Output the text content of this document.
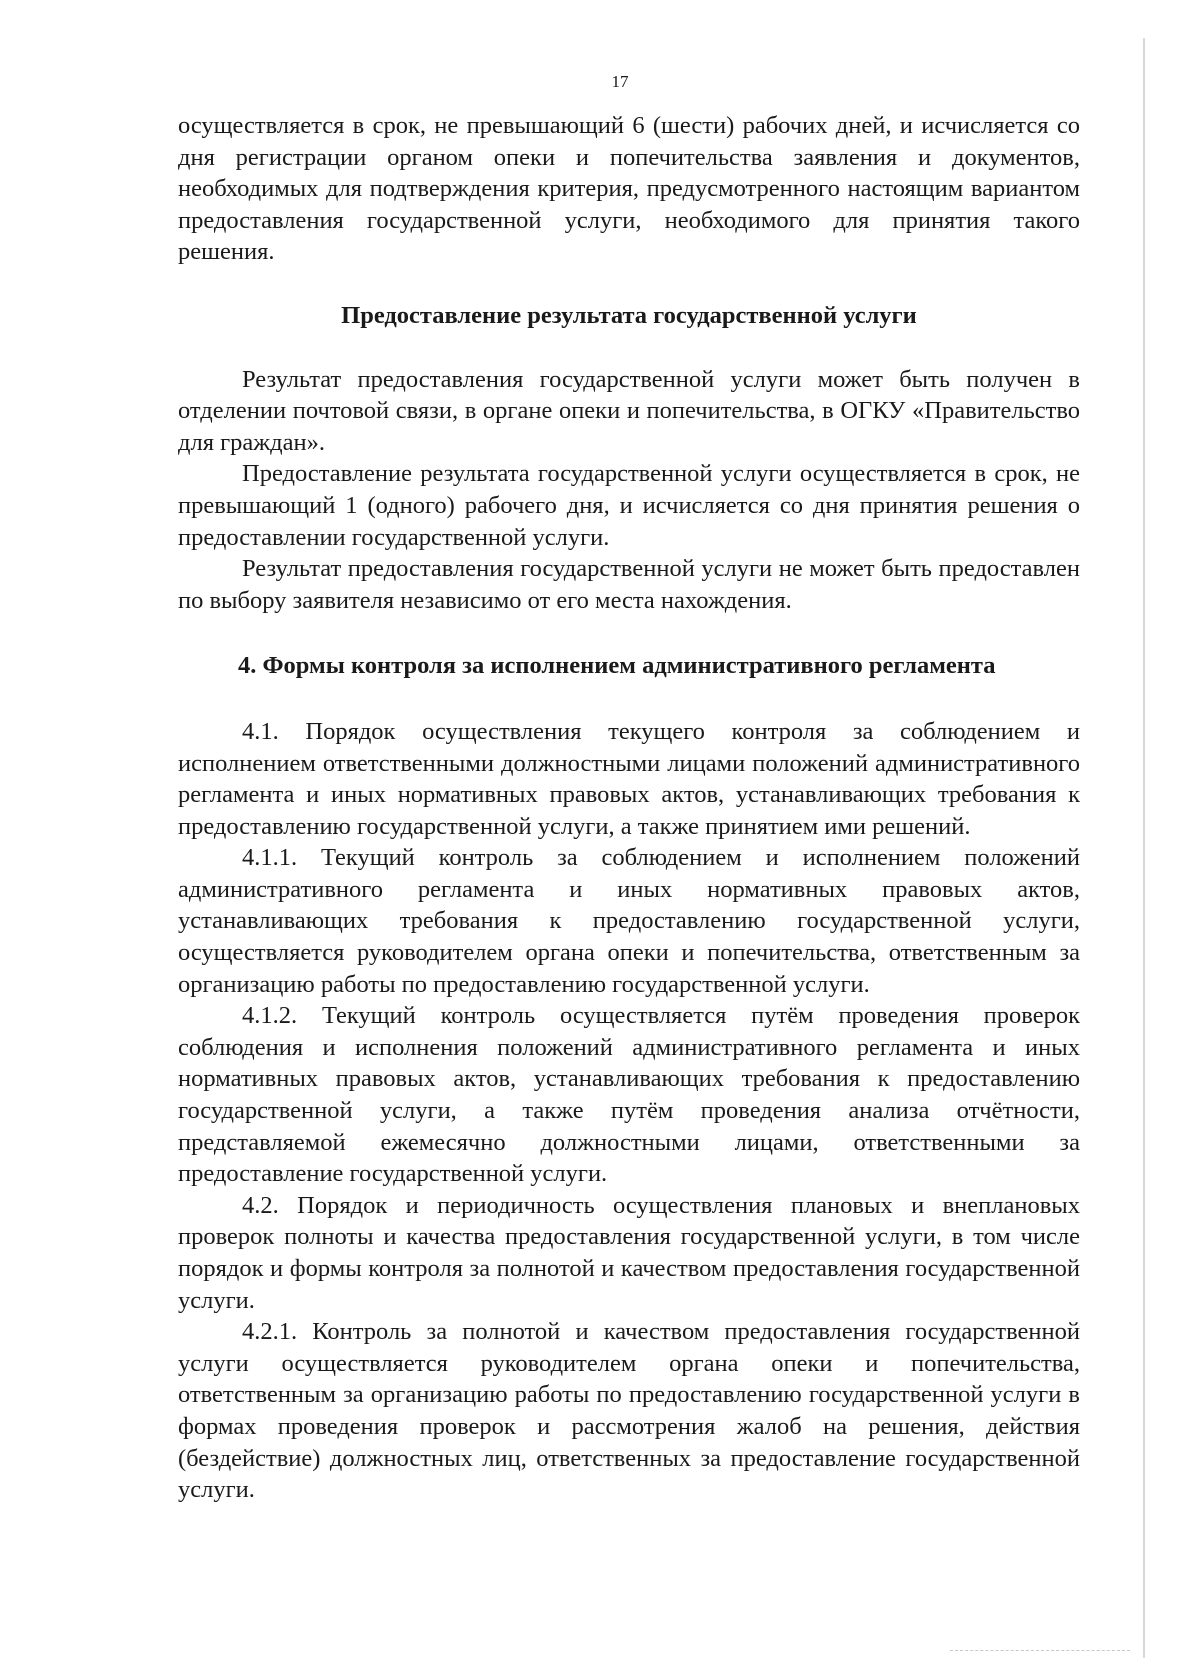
17

осуществляется в срок, не превышающий 6 (шести) рабочих дней, и исчисляется со дня регистрации органом опеки и попечительства заявления и документов, необходимых для подтверждения критерия, предусмотренного настоящим вариантом предоставления государственной услуги, необходимого для принятия такого решения.

Предоставление результата государственной услуги

Результат предоставления государственной услуги может быть получен в отделении почтовой связи, в органе опеки и попечительства, в ОГКУ «Правительство для граждан».

Предоставление результата государственной услуги осуществляется в срок, не превышающий 1 (одного) рабочего дня, и исчисляется со дня принятия решения о предоставлении государственной услуги.

Результат предоставления государственной услуги не может быть предоставлен по выбору заявителя независимо от его места нахождения.

4. Формы контроля за исполнением административного регламента

4.1. Порядок осуществления текущего контроля за соблюдением и исполнением ответственными должностными лицами положений административного регламента и иных нормативных правовых актов, устанавливающих требования к предоставлению государственной услуги, а также принятием ими решений.

4.1.1. Текущий контроль за соблюдением и исполнением положений административного регламента и иных нормативных правовых актов, устанавливающих требования к предоставлению государственной услуги, осуществляется руководителем органа опеки и попечительства, ответственным за организацию работы по предоставлению государственной услуги.

4.1.2. Текущий контроль осуществляется путём проведения проверок соблюдения и исполнения положений административного регламента и иных нормативных правовых актов, устанавливающих требования к предоставлению государственной услуги, а также путём проведения анализа отчётности, представляемой ежемесячно должностными лицами, ответственными за предоставление государственной услуги.

4.2. Порядок и периодичность осуществления плановых и внеплановых проверок полноты и качества предоставления государственной услуги, в том числе порядок и формы контроля за полнотой и качеством предоставления государственной услуги.

4.2.1. Контроль за полнотой и качеством предоставления государственной услуги осуществляется руководителем органа опеки и попечительства, ответственным за организацию работы по предоставлению государственной услуги в формах проведения проверок и рассмотрения жалоб на решения, действия (бездействие) должностных лиц, ответственных за предоставление государственной услуги.
